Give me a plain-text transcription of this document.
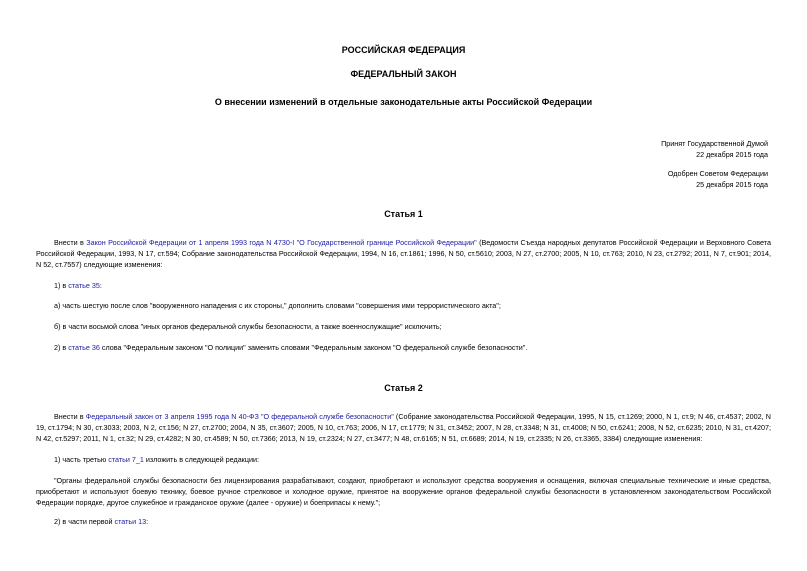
РОССИЙСКАЯ ФЕДЕРАЦИЯ

ФЕДЕРАЛЬНЫЙ ЗАКОН

О внесении изменений в отдельные законодательные акты Российской Федерации

Принят Государственной Думой
22 декабря 2015 года
Одобрен Советом Федерации
25 декабря 2015 года

Статья 1

Внести в Закон Российской Федерации от 1 апреля 1993 года N 4730-I "О Государственной границе Российской Федерации" (Ведомости Съезда народных депутатов Российской Федерации и Верховного Совета Российской Федерации, 1993, N 17, ст.594; Собрание законодательства Российской Федерации, 1994, N 16, ст.1861; 1996, N 50, ст.5610; 2003, N 27, ст.2700; 2005, N 10, ст.763; 2010, N 23, ст.2792; 2011, N 7, ст.901; 2014, N 52, ст.7557) следующие изменения:

1) в статье 35:

а) часть шестую после слов "вооруженного нападения с их стороны," дополнить словами "совершения ими террористического акта";

б) в части восьмой слова "иных органов федеральной службы безопасности, а также военнослужащие" исключить;

2) в статье 36 слова "Федеральным законом "О полиции" заменить словами "Федеральным законом "О федеральной службе безопасности".

Статья 2

Внести в Федеральный закон от 3 апреля 1995 года N 40-ФЗ "О федеральной службе безопасности" (Собрание законодательства Российской Федерации, 1995, N 15, ст.1269; 2000, N 1, ст.9; N 46, ст.4537; 2002, N 19, ст.1794; N 30, ст.3033; 2003, N 2, ст.156; N 27, ст.2700; 2004, N 35, ст.3607; 2005, N 10, ст.763; 2006, N 17, ст.1779; N 31, ст.3452; 2007, N 28, ст.3348; N 31, ст.4008; N 50, ст.6241; 2008, N 52, ст.6235; 2010, N 31, ст.4207; N 42, ст.5297; 2011, N 1, ст.32; N 29, ст.4282; N 30, ст.4589; N 50, ст.7366; 2013, N 19, ст.2324; N 27, ст.3477; N 48, ст.6165; N 51, ст.6689; 2014, N 19, ст.2335; N 26, ст.3365, 3384) следующие изменения:

1) часть третью статьи 7_1 изложить в следующей редакции:

"Органы федеральной службы безопасности без лицензирования разрабатывают, создают, приобретают и используют средства вооружения и оснащения, включая специальные технические и иные средства, приобретают и используют боевую технику, боевое ручное стрелковое и холодное оружие, принятое на вооружение органов федеральной службы безопасности в установленном законодательством Российской Федерации порядке, другое служебное и гражданское оружие (далее - оружие) и боеприпасы к нему.";

2) в части первой статьи 13:
